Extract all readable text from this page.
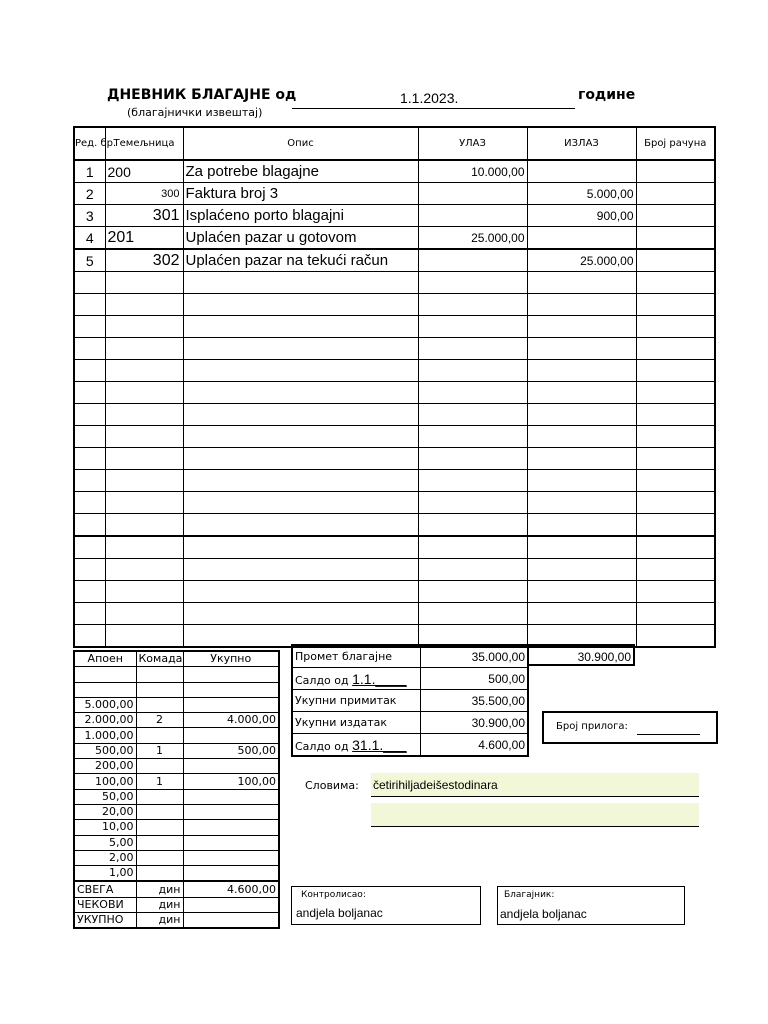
ДНЕВНИК БЛАГАЈНЕ од
(благајнички извештај)
1.1.2023.	године
Ред. бр.	Темељница	Опис	УЛАЗ	ИЗЛАЗ	Број рачуна
1	200	Za potrebe blagajne	10.000,00		
2	300	Faktura broj 3		5.000,00	
3	301	Isplaćeno porto blagajni		900,00	
4	201	Uplaćen pazar u gotovom	25.000,00		
5	302	Uplaćen pazar na tekući račun		25.000,00	

Апоен	Комада	Укупно

5.000,00		
2.000,00	2	4.000,00
1.000,00		
500,00	1	500,00
200,00		
100,00	1	100,00
50,00		
20,00		
10,00		
5,00		
2,00		
1,00		
СВЕГА	дин	4.600,00
ЧЕКОВИ	дин	
УКУПНО	дин	
Промет благајне	35.000,00
Салдо од 1.1.____	500,00
Укупни примитак	35.500,00
Укупни издатак	30.900,00
Салдо од 31.1.___	4.600,00
30.900,00
Број прилога:
Словима: četirihiljadeišestodinara
Контролисао:
andjela boljanac
Благајник:
andjela boljanac
